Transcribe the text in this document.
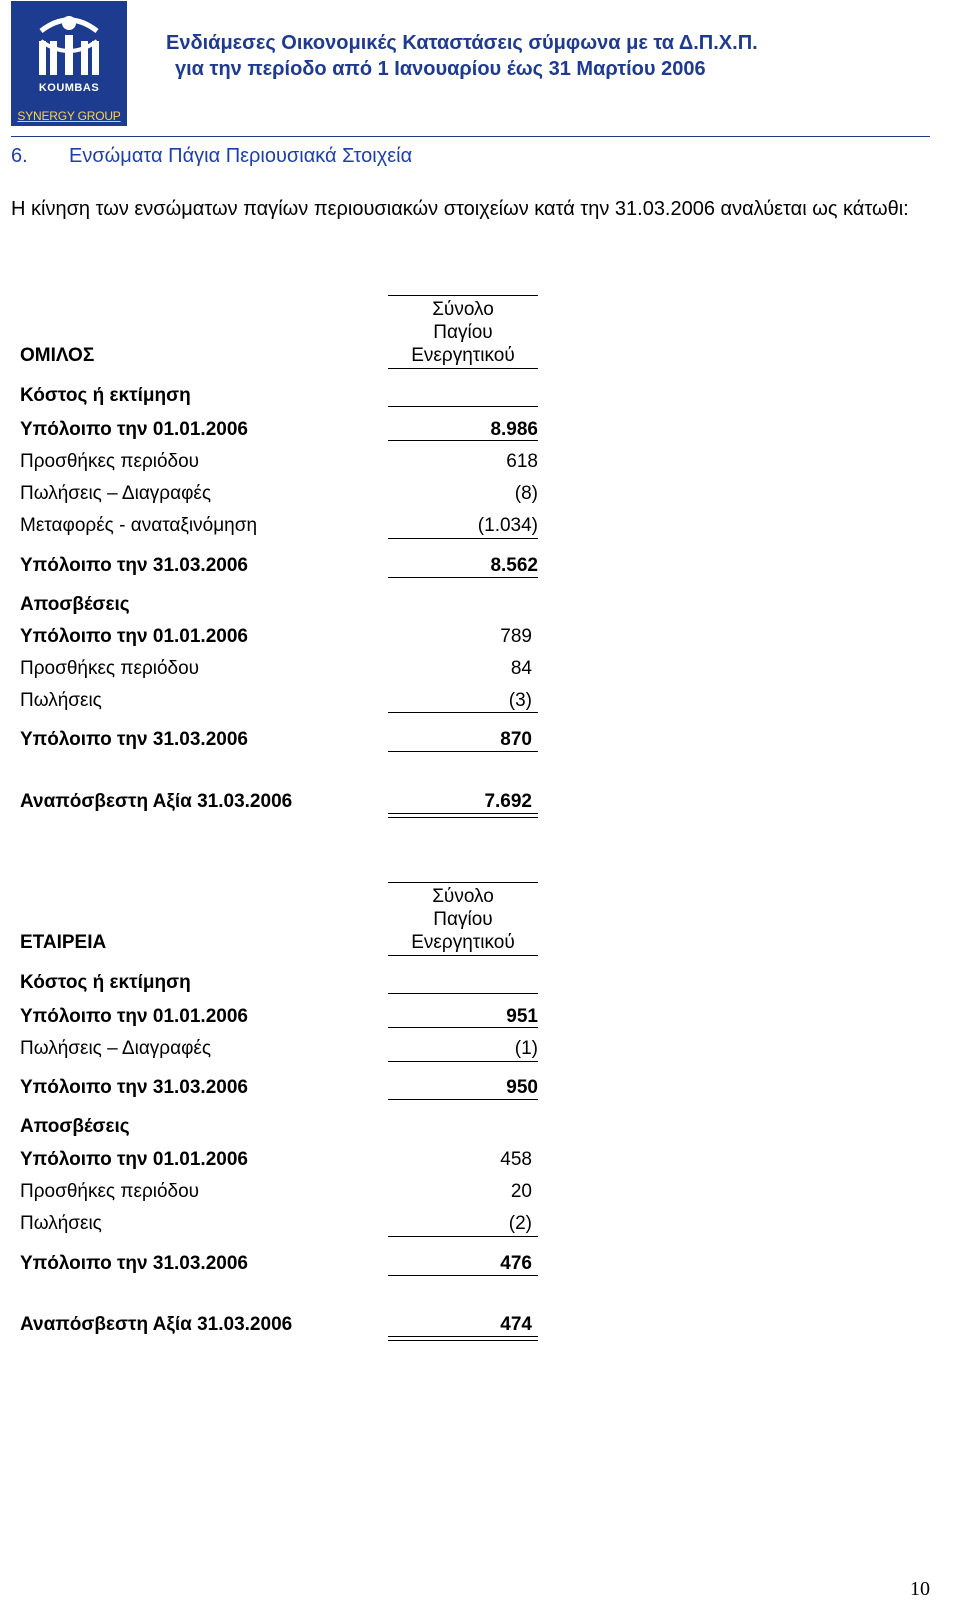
KOUMBAS
SYNERGY GROUP
Ενδιάμεσες Οικονομικές Καταστάσεις σύμφωνα με τα Δ.Π.Χ.Π.
για την περίοδο από 1 Ιανουαρίου έως 31 Μαρτίου 2006
6. Ενσώματα Πάγια Περιουσιακά Στοιχεία
Η κίνηση των ενσώματων παγίων περιουσιακών στοιχείων κατά την 31.03.2006 αναλύεται ως κάτωθι:
Σύνολο
Παγίου
Ενεργητικού
ΟΜΙΛΟΣ
Κόστος ή εκτίμηση
Υπόλοιπο την 01.01.2006	8.986
Προσθήκες περιόδου	618
Πωλήσεις – Διαγραφές	(8)
Μεταφορές - αναταξινόμηση	(1.034)
Υπόλοιπο την 31.03.2006	8.562
Αποσβέσεις
Υπόλοιπο την 01.01.2006	789
Προσθήκες περιόδου	84
Πωλήσεις	(3)
Υπόλοιπο την 31.03.2006	870
Αναπόσβεστη Αξία 31.03.2006	7.692
Σύνολο
Παγίου
Ενεργητικού
ΕΤΑΙΡΕΙΑ
Κόστος ή εκτίμηση
Υπόλοιπο την 01.01.2006	951
Πωλήσεις – Διαγραφές	(1)
Υπόλοιπο την 31.03.2006	950
Αποσβέσεις
Υπόλοιπο την 01.01.2006	458
Προσθήκες περιόδου	20
Πωλήσεις	(2)
Υπόλοιπο την 31.03.2006	476
Αναπόσβεστη Αξία 31.03.2006	474
10
